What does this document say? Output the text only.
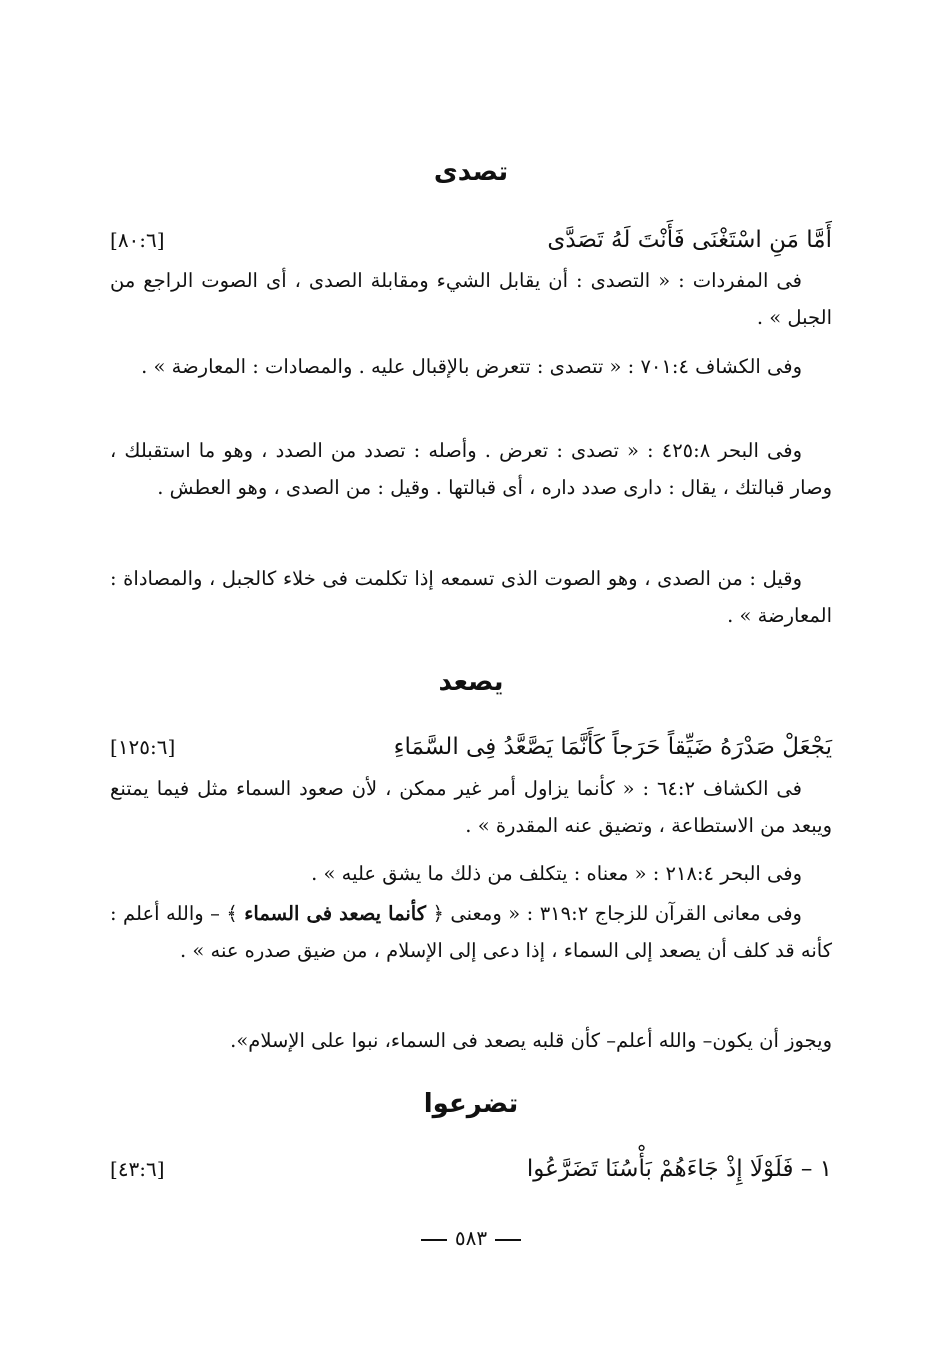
تصدى
أَمَّا مَنِ اسْتَغْنَى فَأَنْتَ لَهُ تَصَدَّى
[٨٠:٦]

فى المفردات : « التصدى : أن يقابل الشيء ومقابلة الصدى ، أى الصوت الراجع من الجبل » .

وفى الكشاف ٧٠١:٤ : « تتصدى : تتعرض بالإقبال عليه . والمصادات : المعارضة » .

وفى البحر ٤٢٥:٨ : « تصدى : تعرض . وأصله : تصدد من الصدد ، وهو ما استقبلك ، وصار قبالتك ، يقال : دارى صدد داره ، أى قبالتها . وقيل : من الصدى ، وهو العطش .

وقيل : من الصدى ، وهو الصوت الذى تسمعه إذا تكلمت فى خلاء كالجبل ، والمصاداة : المعارضة » .

يصعد
يَجْعَلْ صَدْرَهُ ضَيِّقاً حَرَجاً كَأَنَّمَا يَصَّعَّدُ فِى السَّمَاءِ
[١٢٥:٦]

فى الكشاف ٦٤:٢ : « كأنما يزاول أمر غير ممكن ، لأن صعود السماء مثل فيما يمتنع ويبعد من الاستطاعة ، وتضيق عنه المقدرة » .

وفى البحر ٢١٨:٤ : « معناه : يتكلف من ذلك ما يشق عليه » .

وفى معانى القرآن للزجاج ٣١٩:٢ : « ومعنى ﴿ كأنما يصعد فى السماء ﴾ – والله أعلم : كأنه قد كلف أن يصعد إلى السماء ، إذا دعى إلى الإسلام ، من ضيق صدره عنه » .

ويجوز أن يكون– والله أعلم– كأن قلبه يصعد فى السماء، نبوا على الإسلام».

تضرعوا
١ – فَلَوْلَا إِذْ جَاءَهُمْ بَأْسُنَا تَضَرَّعُوا
[٤٣:٦]
٥٨٣
